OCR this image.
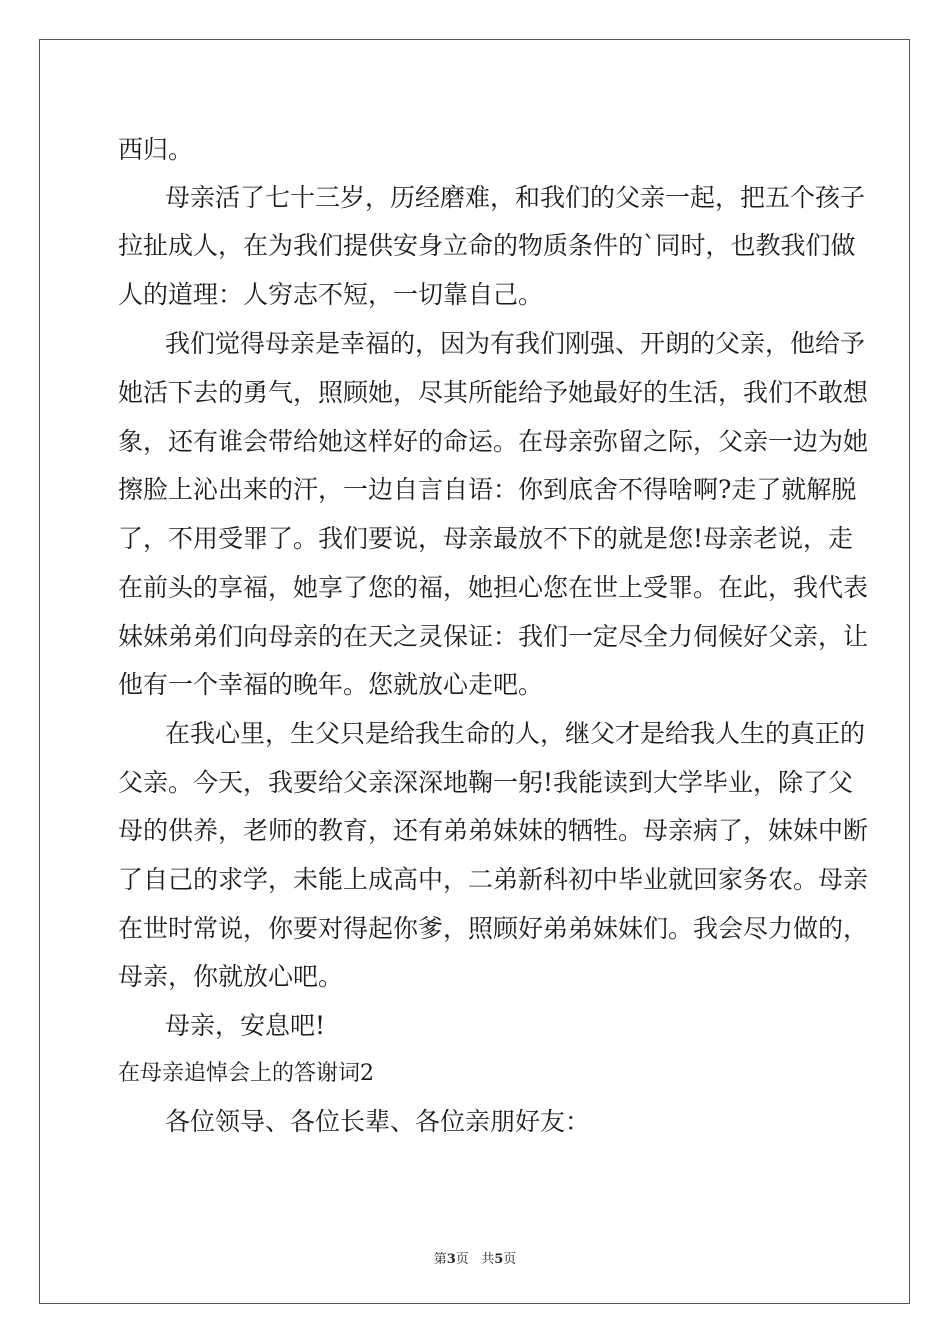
西归。
母亲活了七十三岁，历经磨难，和我们的父亲一起，把五个孩子
拉扯成人，在为我们提供安身立命的物质条件的`同时，也教我们做
人的道理：人穷志不短，一切靠自己。
我们觉得母亲是幸福的，因为有我们刚强、开朗的父亲，他给予
她活下去的勇气，照顾她，尽其所能给予她最好的生活，我们不敢想
象，还有谁会带给她这样好的命运。在母亲弥留之际，父亲一边为她
擦脸上沁出来的汗，一边自言自语：你到底舍不得啥啊?走了就解脱
了，不用受罪了。我们要说，母亲最放不下的就是您!母亲老说，走
在前头的享福，她享了您的福，她担心您在世上受罪。在此，我代表
妹妹弟弟们向母亲的在天之灵保证：我们一定尽全力伺候好父亲，让
他有一个幸福的晚年。您就放心走吧。
在我心里，生父只是给我生命的人，继父才是给我人生的真正的
父亲。今天，我要给父亲深深地鞠一躬!我能读到大学毕业，除了父
母的供养，老师的教育，还有弟弟妹妹的牺牲。母亲病了，妹妹中断
了自己的求学，未能上成高中，二弟新科初中毕业就回家务农。母亲
在世时常说，你要对得起你爹，照顾好弟弟妹妹们。我会尽力做的，
母亲，你就放心吧。
母亲，安息吧!
在母亲追悼会上的答谢词2
各位领导、各位长辈、各位亲朋好友：
第3页 共5页
